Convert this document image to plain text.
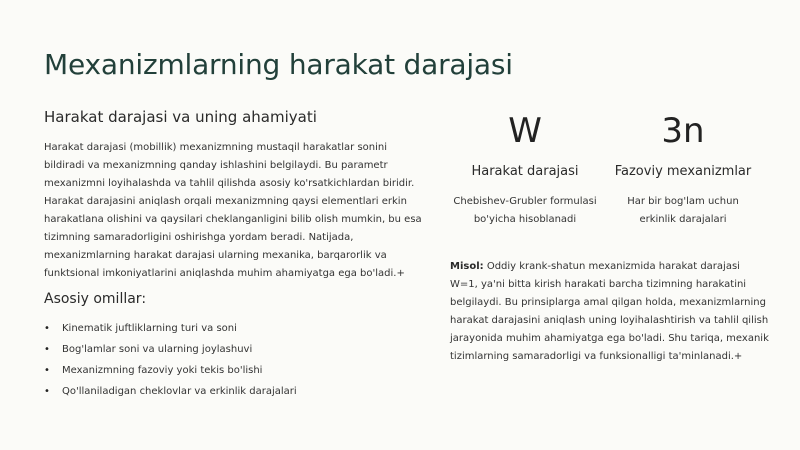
Mexanizmlarning harakat darajasi
Harakat darajasi va uning ahamiyati

Harakat darajasi (mobillik) mexanizmning mustaqil harakatlar sonini bildiradi va mexanizmning qanday ishlashini belgilaydi. Bu parametr mexanizmni loyihalashda va tahlil qilishda asosiy ko'rsatkichlardan biridir. Harakat darajasini aniqlash orqali mexanizmning qaysi elementlari erkin harakatlana olishini va qaysilari cheklanganligini bilib olish mumkin, bu esa tizimning samaradorligini oshirishga yordam beradi. Natijada, mexanizmlarning harakat darajasi ularning mexanika, barqarorlik va funktsional imkoniyatlarini aniqlashda muhim ahamiyatga ega bo'ladi.+

Asosiy omillar:
• Kinematik juftliklarning turi va soni
• Bog'lamlar soni va ularning joylashuvi
• Mexanizmning fazoviy yoki tekis bo'lishi
• Qo'llaniladigan cheklovlar va erkinlik darajalari
W
Harakat darajasi
Chebishev-Grubler formulasi bo'yicha hisoblanadi
3n
Fazoviy mexanizmlar
Har bir bog'lam uchun erkinlik darajalari
Misol: Oddiy krank-shatun mexanizmida harakat darajasi W=1, ya'ni bitta kirish harakati barcha tizimning harakatini belgilaydi. Bu prinsiplarga amal qilgan holda, mexanizmlarning harakat darajasini aniqlash uning loyihalashtirish va tahlil qilish jarayonida muhim ahamiyatga ega bo'ladi. Shu tariqa, mexanik tizimlarning samaradorligi va funksionalligi ta'minlanadi.+
